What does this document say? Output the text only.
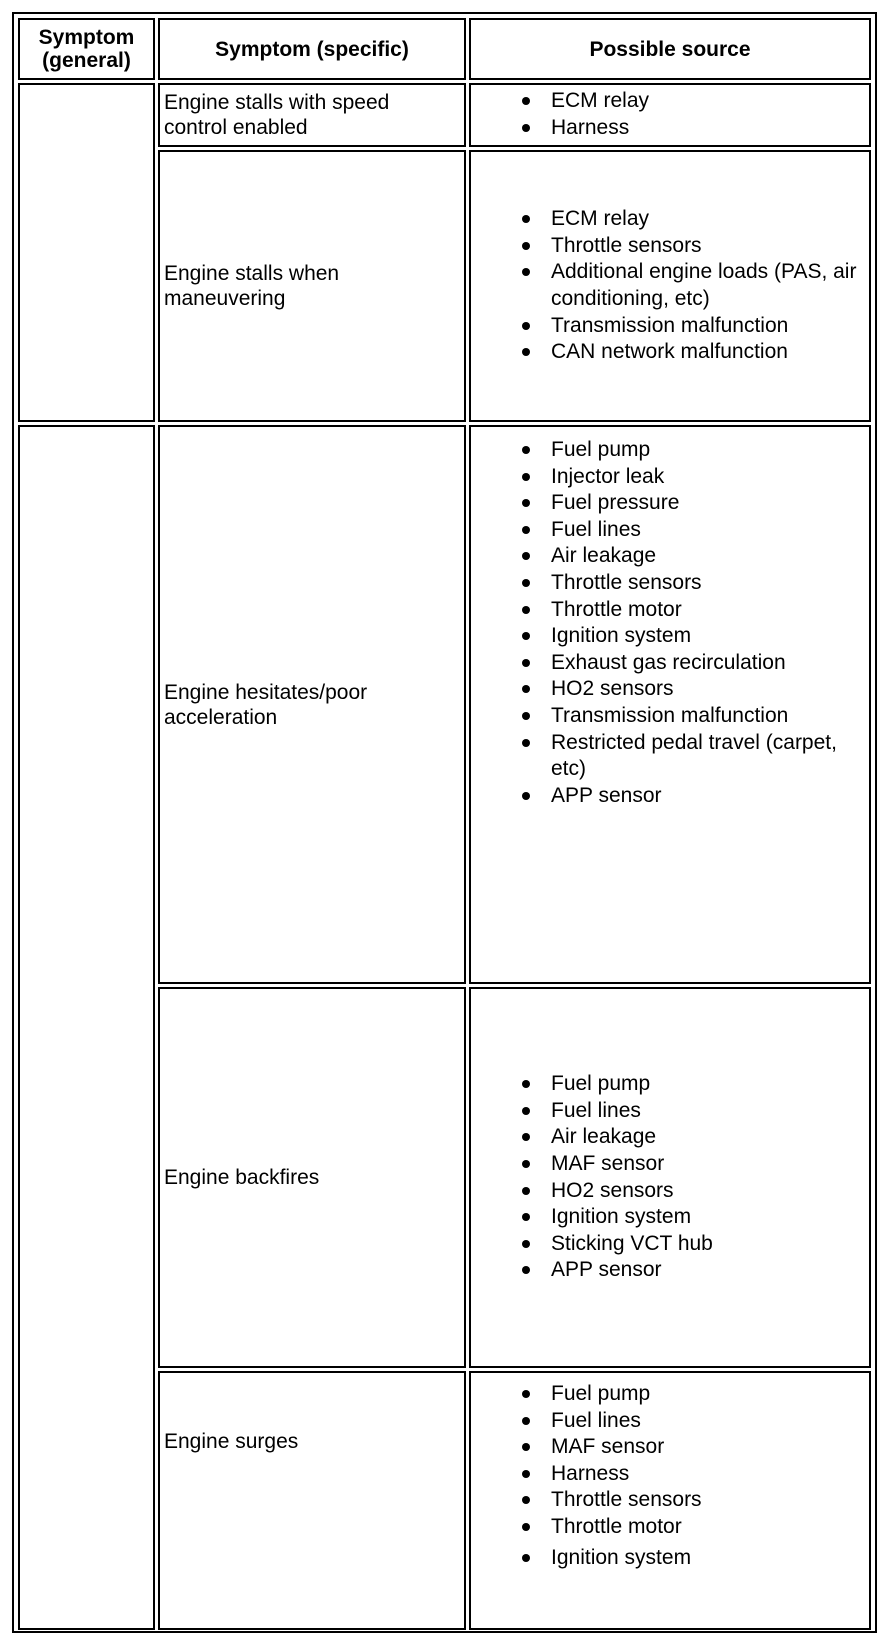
Symptom (general)	Symptom (specific)	Possible source
Engine stalls with speed control enabled
ECM relay
Harness
Engine stalls when maneuvering
ECM relay
Throttle sensors
Additional engine loads (PAS, air conditioning, etc)
Transmission malfunction
CAN network malfunction
Engine hesitates/poor acceleration
Fuel pump
Injector leak
Fuel pressure
Fuel lines
Air leakage
Throttle sensors
Throttle motor
Ignition system
Exhaust gas recirculation
HO2 sensors
Transmission malfunction
Restricted pedal travel (carpet, etc)
APP sensor
Engine backfires
Fuel pump
Fuel lines
Air leakage
MAF sensor
HO2 sensors
Ignition system
Sticking VCT hub
APP sensor
Engine surges
Fuel pump
Fuel lines
MAF sensor
Harness
Throttle sensors
Throttle motor
Ignition system
